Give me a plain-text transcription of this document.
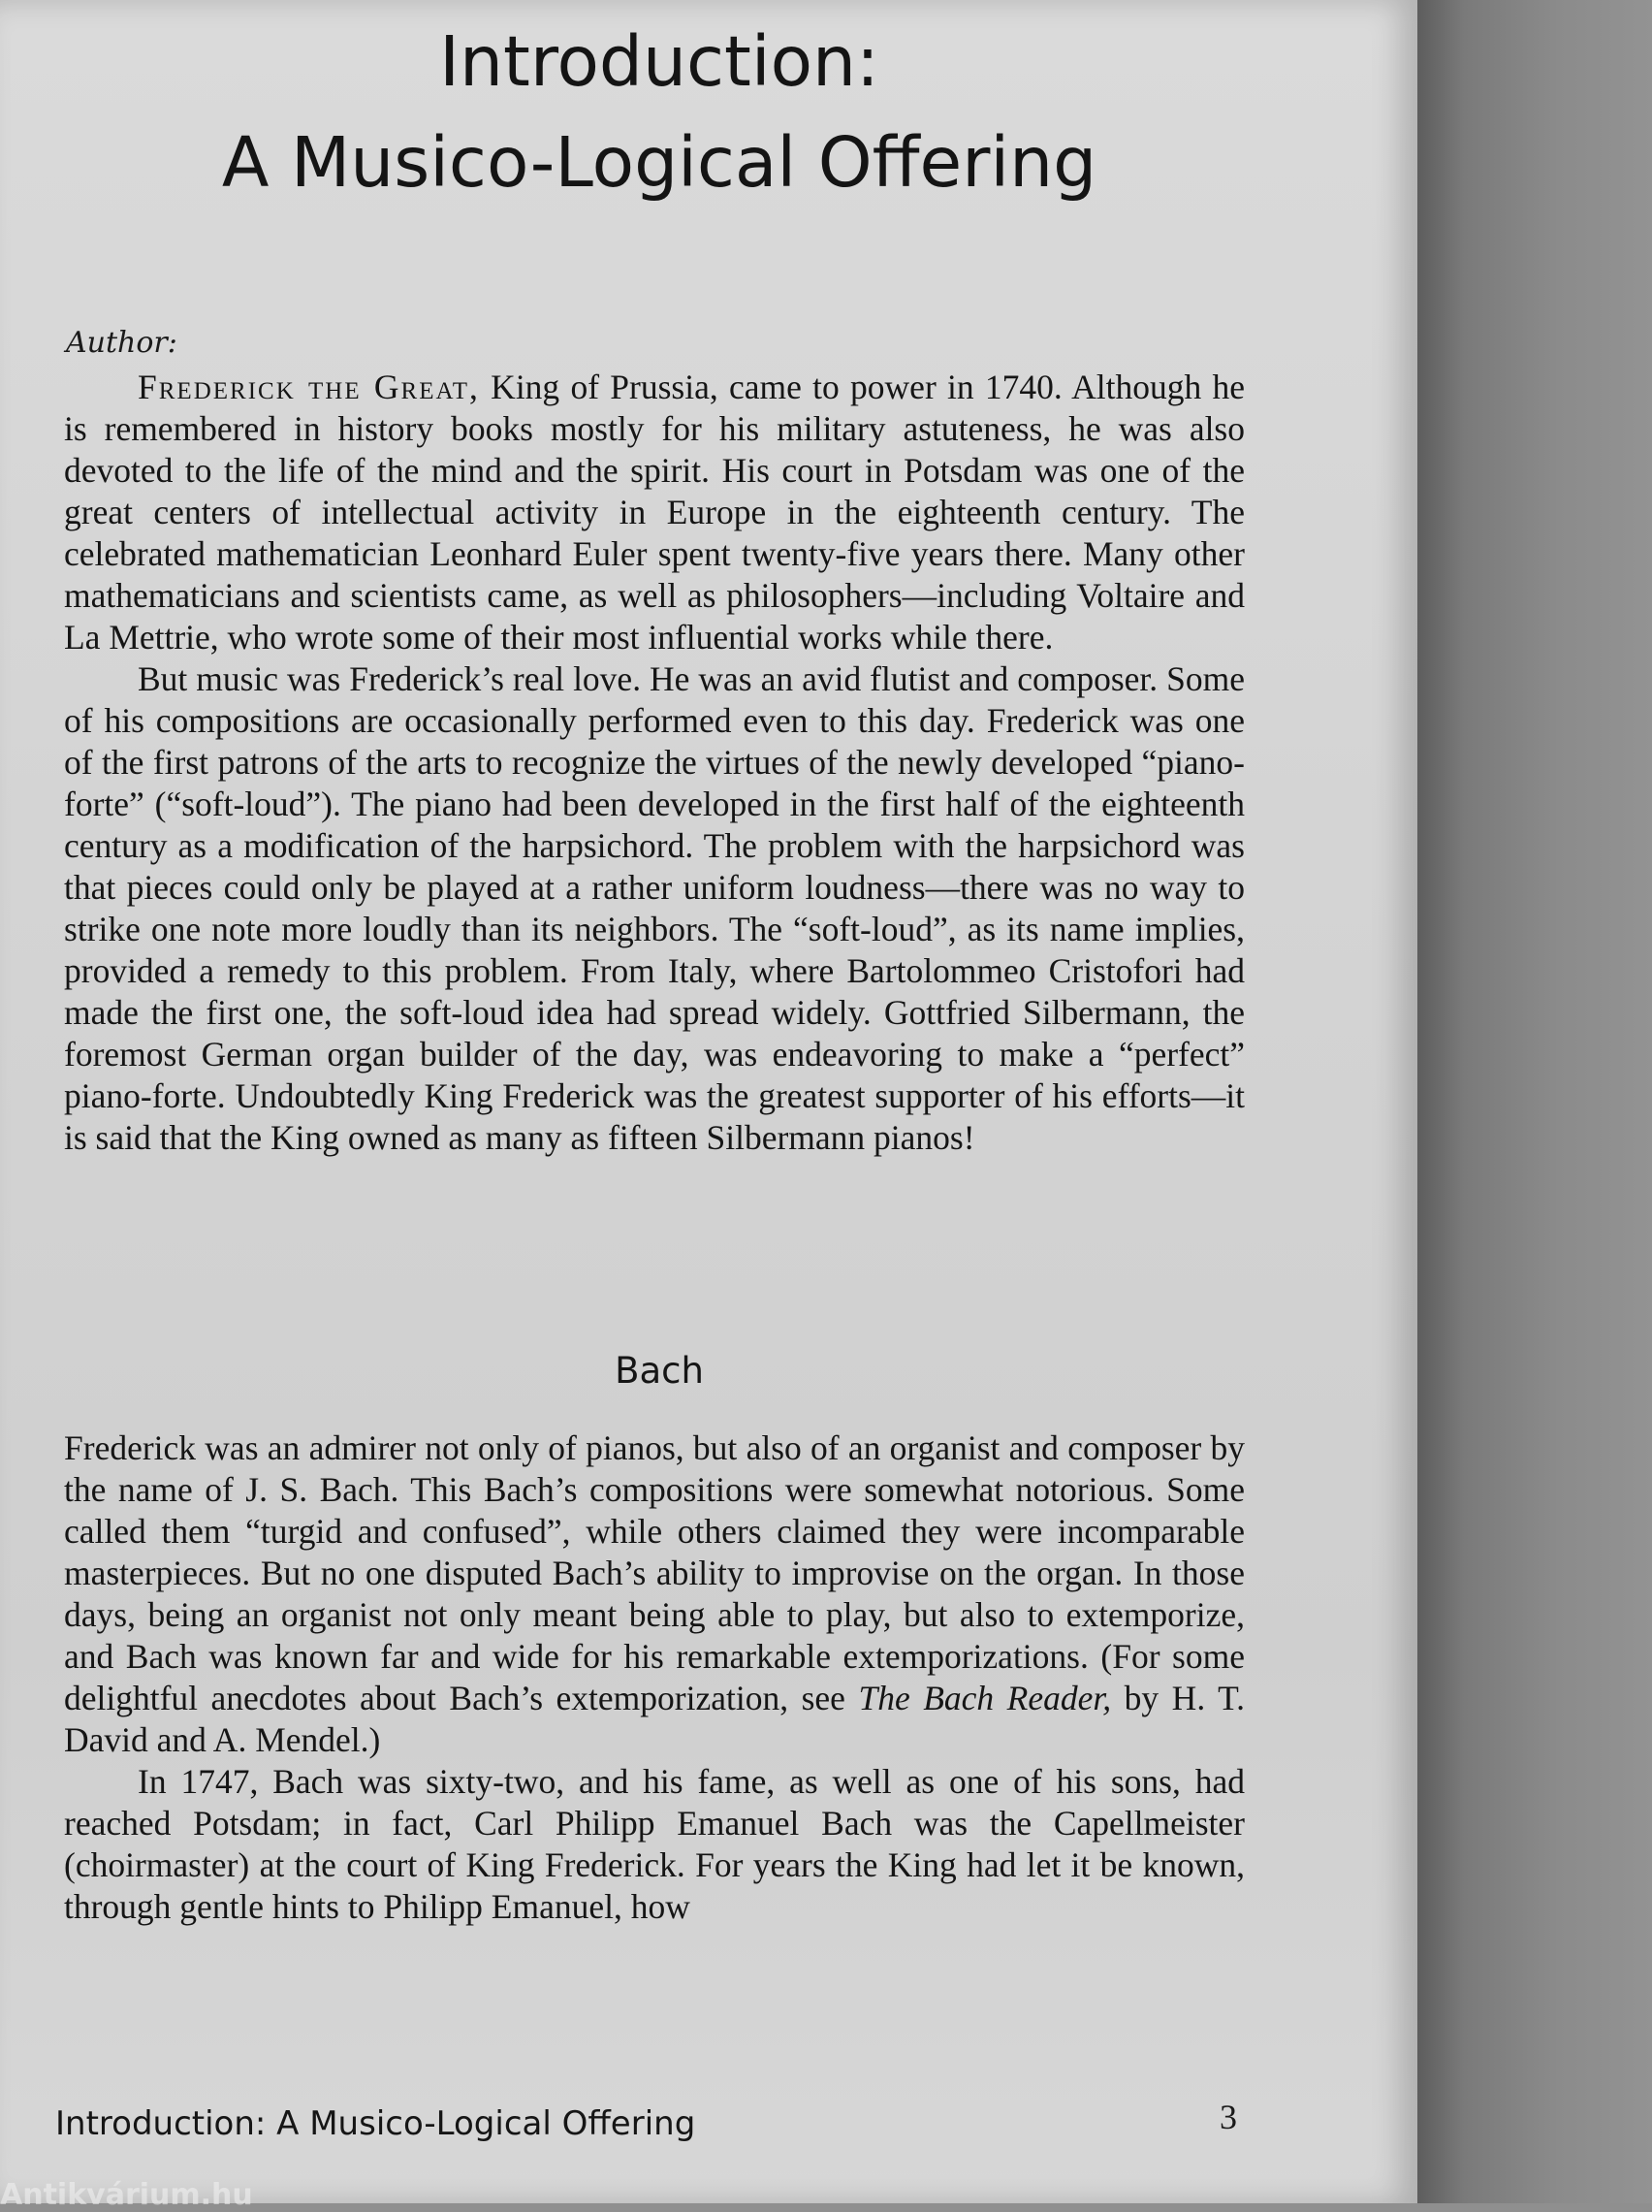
Introduction:
A Musico-Logical Offering
Author:

Frederick the Great, King of Prussia, came to power in 1740. Although he is remembered in history books mostly for his military astuteness, he was also devoted to the life of the mind and the spirit. His court in Potsdam was one of the great centers of intellectual activity in Europe in the eighteenth century. The celebrated mathematician Leonhard Euler spent twenty-five years there. Many other mathematicians and scientists came, as well as philosophers—including Voltaire and La Mettrie, who wrote some of their most influential works while there.

But music was Frederick’s real love. He was an avid flutist and composer. Some of his compositions are occasionally performed even to this day. Frederick was one of the first patrons of the arts to recognize the virtues of the newly developed “piano-forte” (“soft-loud”). The piano had been developed in the first half of the eighteenth century as a modification of the harpsichord. The problem with the harpsichord was that pieces could only be played at a rather uniform loudness—there was no way to strike one note more loudly than its neighbors. The “soft-loud”, as its name implies, provided a remedy to this problem. From Italy, where Bartolommeo Cristofori had made the first one, the soft-loud idea had spread widely. Gottfried Silbermann, the foremost German organ builder of the day, was endeavoring to make a “perfect” piano-forte. Undoubtedly King Frederick was the greatest supporter of his efforts—it is said that the King owned as many as fifteen Silbermann pianos!

Bach

Frederick was an admirer not only of pianos, but also of an organist and composer by the name of J. S. Bach. This Bach’s compositions were somewhat notorious. Some called them “turgid and confused”, while others claimed they were incomparable masterpieces. But no one disputed Bach’s ability to improvise on the organ. In those days, being an organist not only meant being able to play, but also to extemporize, and Bach was known far and wide for his remarkable extemporizations. (For some delightful anecdotes about Bach’s extemporization, see The Bach Reader, by H. T. David and A. Mendel.)

In 1747, Bach was sixty-two, and his fame, as well as one of his sons, had reached Potsdam; in fact, Carl Philipp Emanuel Bach was the Capellmeister (choirmaster) at the court of King Frederick. For years the King had let it be known, through gentle hints to Philipp Emanuel, how

Introduction: A Musico-Logical Offering	3
Antikvárium.hu
